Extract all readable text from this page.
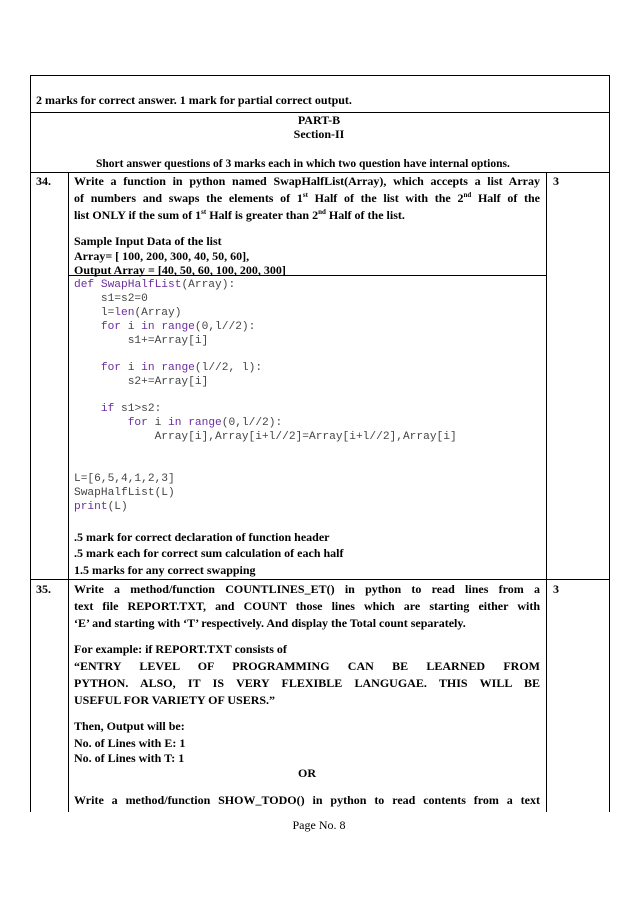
2 marks for correct answer. 1 mark for partial correct output.
PART-B
Section-II
Short answer questions of 3 marks each in which two question have internal options.
34.	3
Write a function in python named SwapHalfList(Array), which accepts a list Array
of numbers and swaps the elements of 1st Half of the list with the 2nd Half of the
list ONLY if the sum of 1st Half is greater than 2nd Half of the list.
Sample Input Data of the list
Array= [ 100, 200, 300, 40, 50, 60],
Output Array = [40, 50, 60, 100, 200, 300]
def SwapHalfList(Array):
s1=s2=0
l=len(Array)
for i in range(0,l//2):
s1+=Array[i]
for i in range(l//2, l):
s2+=Array[i]
if s1>s2:
for i in range(0,l//2):
Array[i],Array[i+l//2]=Array[i+l//2],Array[i]
L=[6,5,4,1,2,3]
SwapHalfList(L)
print(L)
.5 mark for correct declaration of function header
.5 mark each for correct sum calculation of each half
1.5 marks for any correct swapping
35.	3
Write a method/function COUNTLINES_ET() in python to read lines from a
text file REPORT.TXT, and COUNT those lines which are starting either with
‘E’ and starting with ‘T’ respectively. And display the Total count separately.
For example: if REPORT.TXT consists of
“ENTRY LEVEL OF PROGRAMMING CAN BE LEARNED FROM
PYTHON. ALSO, IT IS VERY FLEXIBLE LANGUGAE. THIS WILL BE
USEFUL FOR VARIETY OF USERS.”
Then, Output will be:
No. of Lines with E: 1
No. of Lines with T: 1
OR
Write a method/function SHOW_TODO() in python to read contents from a text
Page No. 8
